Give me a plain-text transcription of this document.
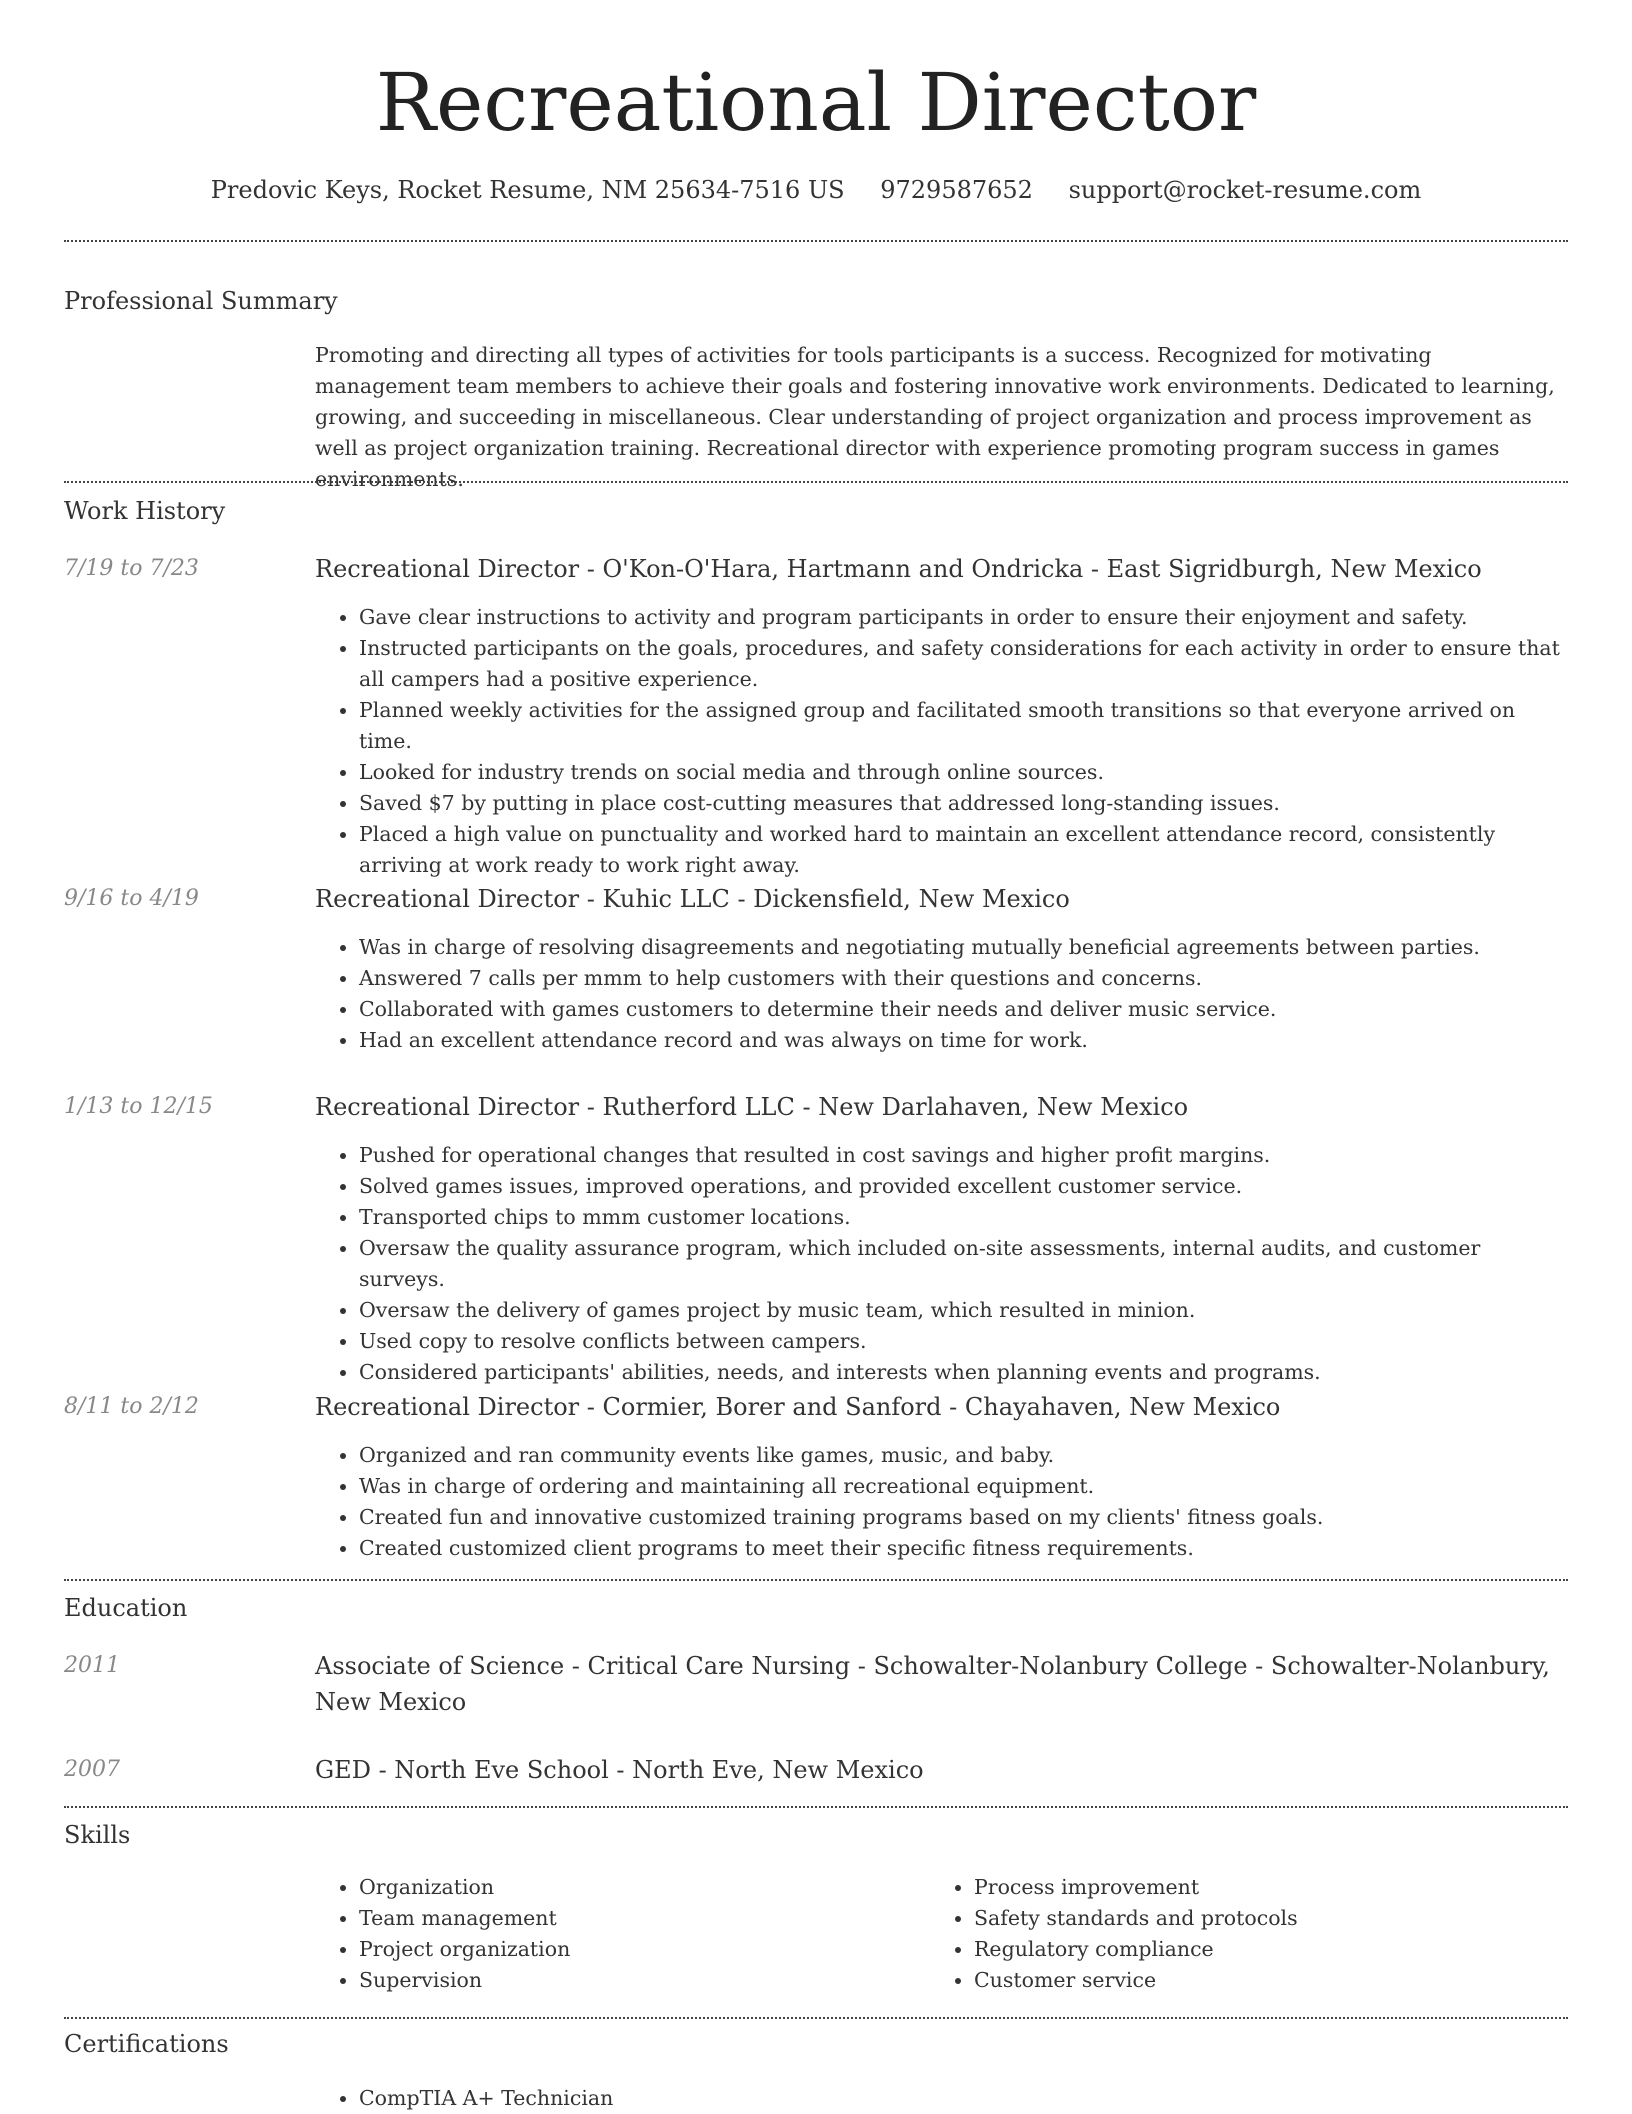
Recreational Director
Predovic Keys, Rocket Resume, NM 25634-7516 US 9729587652 support@rocket-resume.com
Professional Summary
Promoting and directing all types of activities for tools participants is a success. Recognized for motivating management team members to achieve their goals and fostering innovative work environments. Dedicated to learning, growing, and succeeding in miscellaneous. Clear understanding of project organization and process improvement as well as project organization training. Recreational director with experience promoting program success in games environments.
Work History
7/19 to 7/23	Recreational Director - O'Kon-O'Hara, Hartmann and Ondricka - East Sigridburgh, New Mexico
• Gave clear instructions to activity and program participants in order to ensure their enjoyment and safety.
• Instructed participants on the goals, procedures, and safety considerations for each activity in order to ensure that all campers had a positive experience.
• Planned weekly activities for the assigned group and facilitated smooth transitions so that everyone arrived on time.
• Looked for industry trends on social media and through online sources.
• Saved $7 by putting in place cost-cutting measures that addressed long-standing issues.
• Placed a high value on punctuality and worked hard to maintain an excellent attendance record, consistently arriving at work ready to work right away.
9/16 to 4/19	Recreational Director - Kuhic LLC - Dickensfield, New Mexico
• Was in charge of resolving disagreements and negotiating mutually beneficial agreements between parties.
• Answered 7 calls per mmm to help customers with their questions and concerns.
• Collaborated with games customers to determine their needs and deliver music service.
• Had an excellent attendance record and was always on time for work.
1/13 to 12/15	Recreational Director - Rutherford LLC - New Darlahaven, New Mexico
• Pushed for operational changes that resulted in cost savings and higher profit margins.
• Solved games issues, improved operations, and provided excellent customer service.
• Transported chips to mmm customer locations.
• Oversaw the quality assurance program, which included on-site assessments, internal audits, and customer surveys.
• Oversaw the delivery of games project by music team, which resulted in minion.
• Used copy to resolve conflicts between campers.
• Considered participants' abilities, needs, and interests when planning events and programs.
8/11 to 2/12	Recreational Director - Cormier, Borer and Sanford - Chayahaven, New Mexico
• Organized and ran community events like games, music, and baby.
• Was in charge of ordering and maintaining all recreational equipment.
• Created fun and innovative customized training programs based on my clients' fitness goals.
• Created customized client programs to meet their specific fitness requirements.
Education
2011	Associate of Science - Critical Care Nursing - Schowalter-Nolanbury College - Schowalter-Nolanbury, New Mexico
2007	GED - North Eve School - North Eve, New Mexico
Skills
• Organization
• Team management
• Project organization
• Supervision
• Process improvement
• Safety standards and protocols
• Regulatory compliance
• Customer service
Certifications
• CompTIA A+ Technician
